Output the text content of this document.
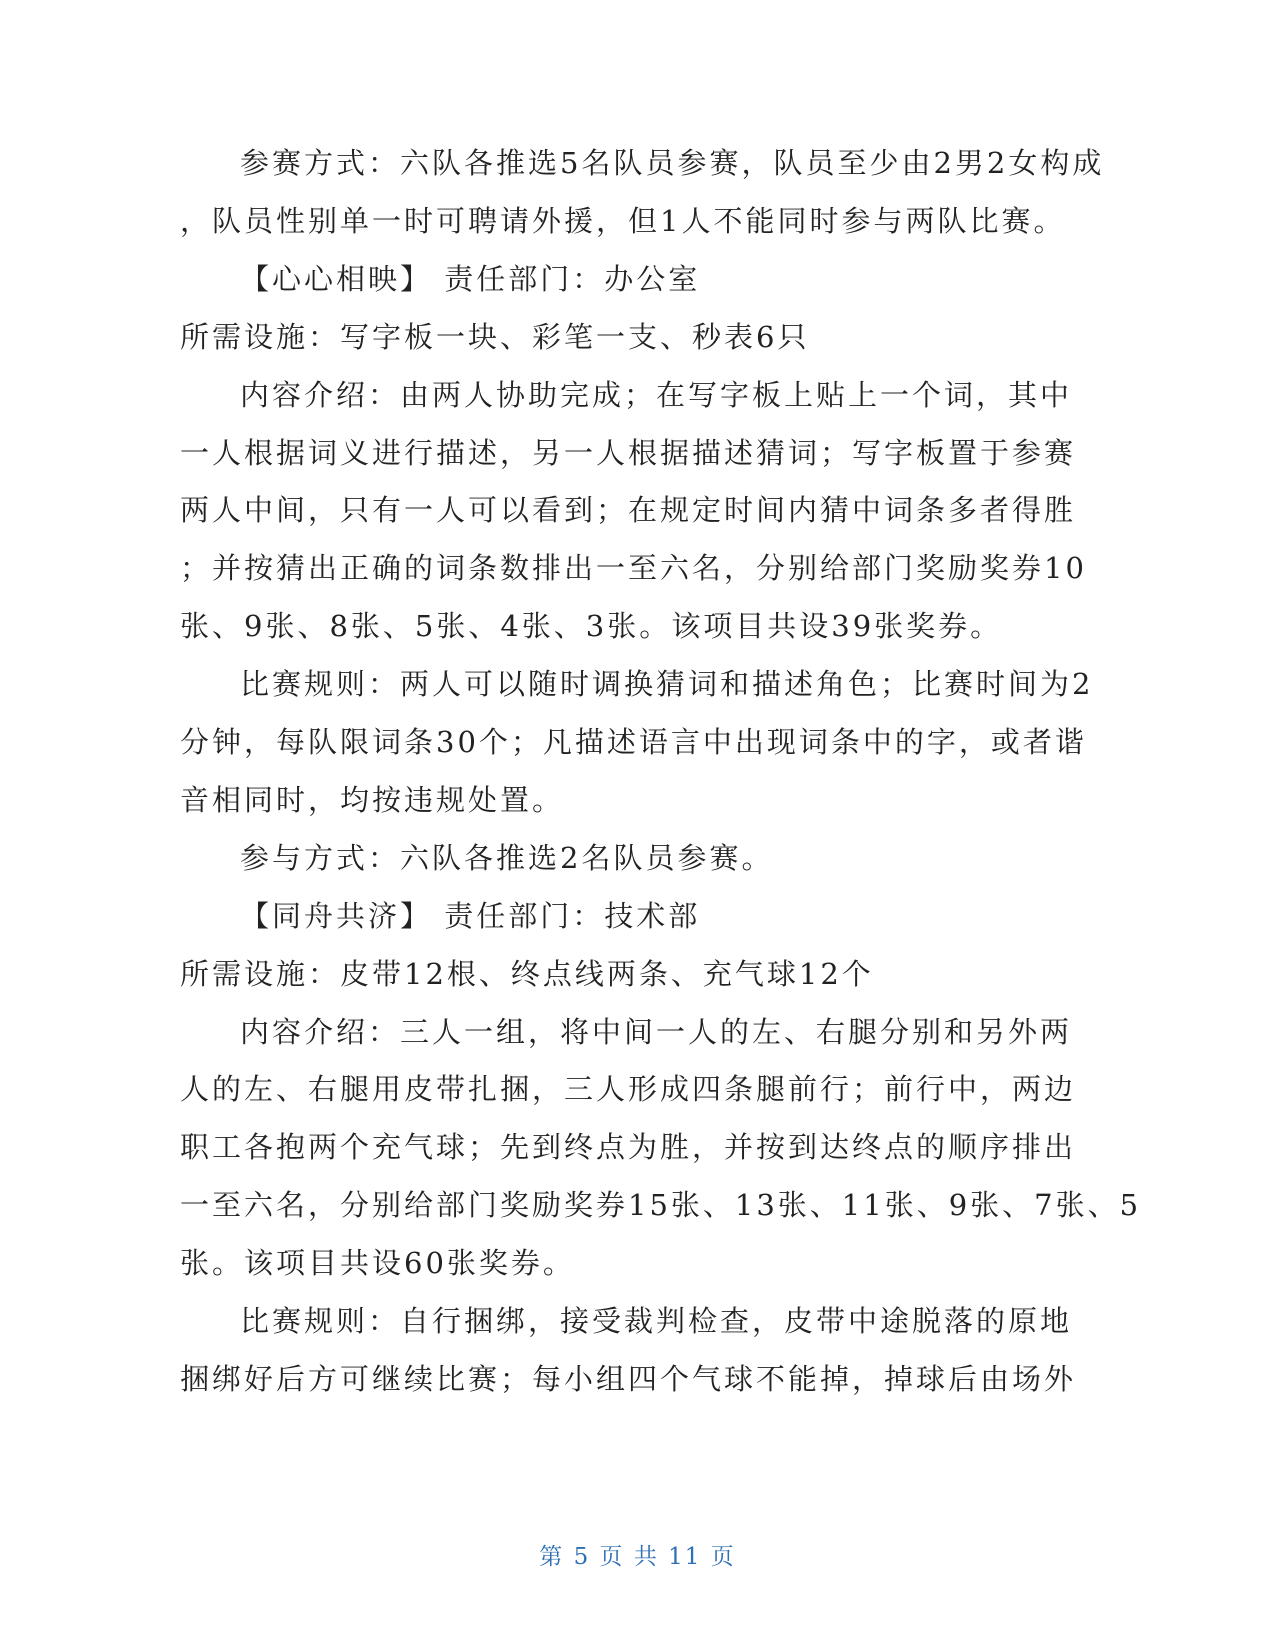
参赛方式：六队各推选5名队员参赛，队员至少由2男2女构成
，队员性别单一时可聘请外援，但1人不能同时参与两队比赛。
【心心相映】 责任部门：办公室
所需设施：写字板一块、彩笔一支、秒表6只
内容介绍：由两人协助完成；在写字板上贴上一个词，其中
一人根据词义进行描述，另一人根据描述猜词；写字板置于参赛
两人中间，只有一人可以看到；在规定时间内猜中词条多者得胜
；并按猜出正确的词条数排出一至六名，分别给部门奖励奖券10
张、9张、8张、5张、4张、3张。该项目共设39张奖券。
比赛规则：两人可以随时调换猜词和描述角色；比赛时间为2
分钟，每队限词条30个；凡描述语言中出现词条中的字，或者谐
音相同时，均按违规处置。
参与方式：六队各推选2名队员参赛。
【同舟共济】 责任部门：技术部
所需设施：皮带12根、终点线两条、充气球12个
内容介绍：三人一组，将中间一人的左、右腿分别和另外两
人的左、右腿用皮带扎捆，三人形成四条腿前行；前行中，两边
职工各抱两个充气球；先到终点为胜，并按到达终点的顺序排出
一至六名，分别给部门奖励奖券15张、13张、11张、9张、7张、5
张。该项目共设60张奖券。
比赛规则：自行捆绑，接受裁判检查，皮带中途脱落的原地
捆绑好后方可继续比赛；每小组四个气球不能掉，掉球后由场外
第 5 页 共 11 页
